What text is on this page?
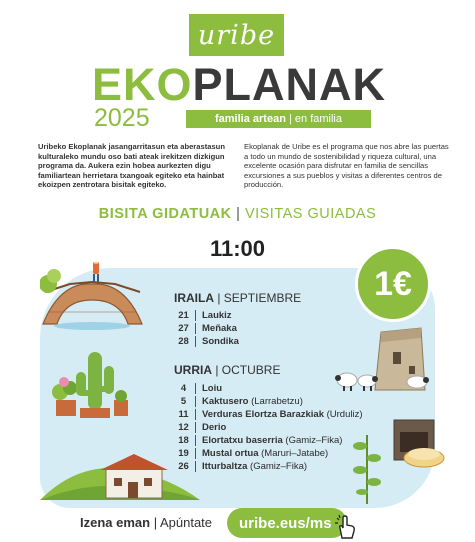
uribe
EKOPLANAK
2025	familia artean | en familia

Uribeko Ekoplanak jasangarritasun eta aberastasun kulturaleko mundu oso bati ateak irekitzen dizkigun programa da. Aukera ezin hobea aurkezten digu familiartean herrietara txangoak egiteko eta hainbat ekoizpen zentrotara bisitak egiteko.

Ekoplanak de Uribe es el programa que nos abre las puertas a todo un mundo de sostenibilidad y riqueza cultural, una excelente ocasión para disfrutar en familia de sencillas excursiones a sus pueblos y visitas a diferentes centros de producción.

BISITA GIDATUAK | VISITAS GUIADAS
11:00
1€
IRAILA | SEPTIEMBRE
21	Laukiz
27	Meñaka
28	Sondika
URRIA | OCTUBRE
4	Loiu
5	Kaktusero (Larrabetzu)
11	Verduras Elortza Barazkiak (Urduliz)
12	Derio
18	Elortatxu baserria (Gamiz–Fika)
19	Mustal ortua (Maruri–Jatabe)
26	Itturbaltza (Gamiz–Fika)
Izena eman | Apúntate	uribe.eus/ms
